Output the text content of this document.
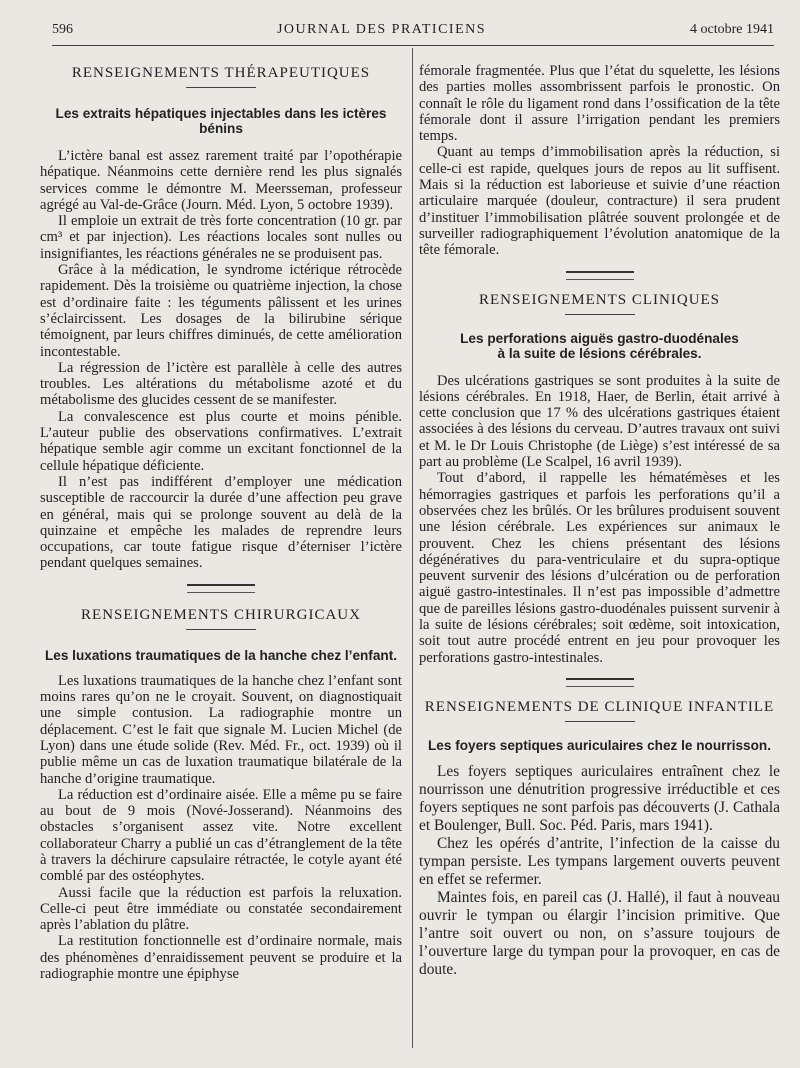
596	JOURNAL DES PRATICIENS	4 octobre 1941

RENSEIGNEMENTS THÉRAPEUTIQUES

Les extraits hépatiques injectables dans les ictères bénins

L’ictère banal est assez rarement traité par l’opothérapie hépatique. Néanmoins cette dernière rend les plus signalés services comme le démontre M. Meersseman, professeur agrégé au Val-de-Grâce (Journ. Méd. Lyon, 5 octobre 1939).

Il emploie un extrait de très forte concentration (10 gr. par cm³ et par injection). Les réactions locales sont nulles ou insignifiantes, les réactions générales ne se produisent pas.

Grâce à la médication, le syndrome ictérique rétrocède rapidement. Dès la troisième ou quatrième injection, la chose est d’ordinaire faite : les téguments pâlissent et les urines s’éclaircissent. Les dosages de la bilirubine sérique témoignent, par leurs chiffres diminués, de cette amélioration incontestable.

La régression de l’ictère est parallèle à celle des autres troubles. Les altérations du métabolisme azoté et du métabolisme des glucides cessent de se manifester.

La convalescence est plus courte et moins pénible. L’auteur publie des observations confirmatives. L’extrait hépatique semble agir comme un excitant fonctionnel de la cellule hépatique déficiente.

Il n’est pas indifférent d’employer une médication susceptible de raccourcir la durée d’une affection peu grave en général, mais qui se prolonge souvent au delà de la quinzaine et empêche les malades de reprendre leurs occupations, car toute fatigue risque d’éterniser l’ictère pendant quelques semaines.

RENSEIGNEMENTS CHIRURGICAUX

Les luxations traumatiques de la hanche chez l’enfant.

Les luxations traumatiques de la hanche chez l’enfant sont moins rares qu’on ne le croyait. Souvent, on diagnostiquait une simple contusion. La radiographie montre un déplacement. C’est le fait que signale M. Lucien Michel (de Lyon) dans une étude solide (Rev. Méd. Fr., oct. 1939) où il publie même un cas de luxation traumatique bilatérale de la hanche d’origine traumatique.

La réduction est d’ordinaire aisée. Elle a même pu se faire au bout de 9 mois (Nové-Josserand). Néanmoins des obstacles s’organisent assez vite. Notre excellent collaborateur Charry a publié un cas d’étranglement de la tête à travers la déchirure capsulaire rétractée, le cotyle ayant été comblé par des ostéophytes.

Aussi facile que la réduction est parfois la reluxation. Celle-ci peut être immédiate ou constatée secondairement après l’ablation du plâtre.

La restitution fonctionnelle est d’ordinaire normale, mais des phénomènes d’enraidissement peuvent se produire et la radiographie montre une épiphyse

fémorale fragmentée. Plus que l’état du squelette, les lésions des parties molles assombrissent parfois le pronostic. On connaît le rôle du ligament rond dans l’ossification de la tête fémorale dont il assure l’irrigation pendant les premiers temps.

Quant au temps d’immobilisation après la réduction, si celle-ci est rapide, quelques jours de repos au lit suffisent. Mais si la réduction est laborieuse et suivie d’une réaction articulaire marquée (douleur, contracture) il sera prudent d’instituer l’immobilisation plâtrée souvent prolongée et de surveiller radiographiquement l’évolution anatomique de la tête fémorale.

RENSEIGNEMENTS CLINIQUES

Les perforations aiguës gastro-duodénales

à la suite de lésions cérébrales.

Des ulcérations gastriques se sont produites à la suite de lésions cérébrales. En 1918, Haer, de Berlin, était arrivé à cette conclusion que 17 % des ulcérations gastriques étaient associées à des lésions du cerveau. D’autres travaux ont suivi et M. le Dr Louis Christophe (de Liège) s’est intéressé de sa part au problème (Le Scalpel, 16 avril 1939).

Tout d’abord, il rappelle les hématémèses et les hémorragies gastriques et parfois les perforations qu’il a observées chez les brûlés. Or les brûlures produisent souvent une lésion cérébrale. Les expériences sur animaux le prouvent. Chez les chiens présentant des lésions dégénératives du para-ventriculaire et du supra-optique peuvent survenir des lésions d’ulcération ou de perforation aiguë gastro-intestinales. Il n’est pas impossible d’admettre que de pareilles lésions gastro-duodénales puissent survenir à la suite de lésions cérébrales; soit œdème, soit intoxication, soit tout autre procédé entrent en jeu pour provoquer les perforations gastro-intestinales.

RENSEIGNEMENTS DE CLINIQUE INFANTILE

Les foyers septiques auriculaires chez le nourrisson.

Les foyers septiques auriculaires entraînent chez le nourrisson une dénutrition progressive irréductible et ces foyers septiques ne sont parfois pas découverts (J. Cathala et Boulenger, Bull. Soc. Péd. Paris, mars 1941).

Chez les opérés d’antrite, l’infection de la caisse du tympan persiste. Les tympans largement ouverts peuvent en effet se refermer.

Maintes fois, en pareil cas (J. Hallé), il faut à nouveau ouvrir le tympan ou élargir l’incision primitive. Que l’antre soit ouvert ou non, on s’assure toujours de l’ouverture large du tympan pour la provoquer, en cas de doute.
